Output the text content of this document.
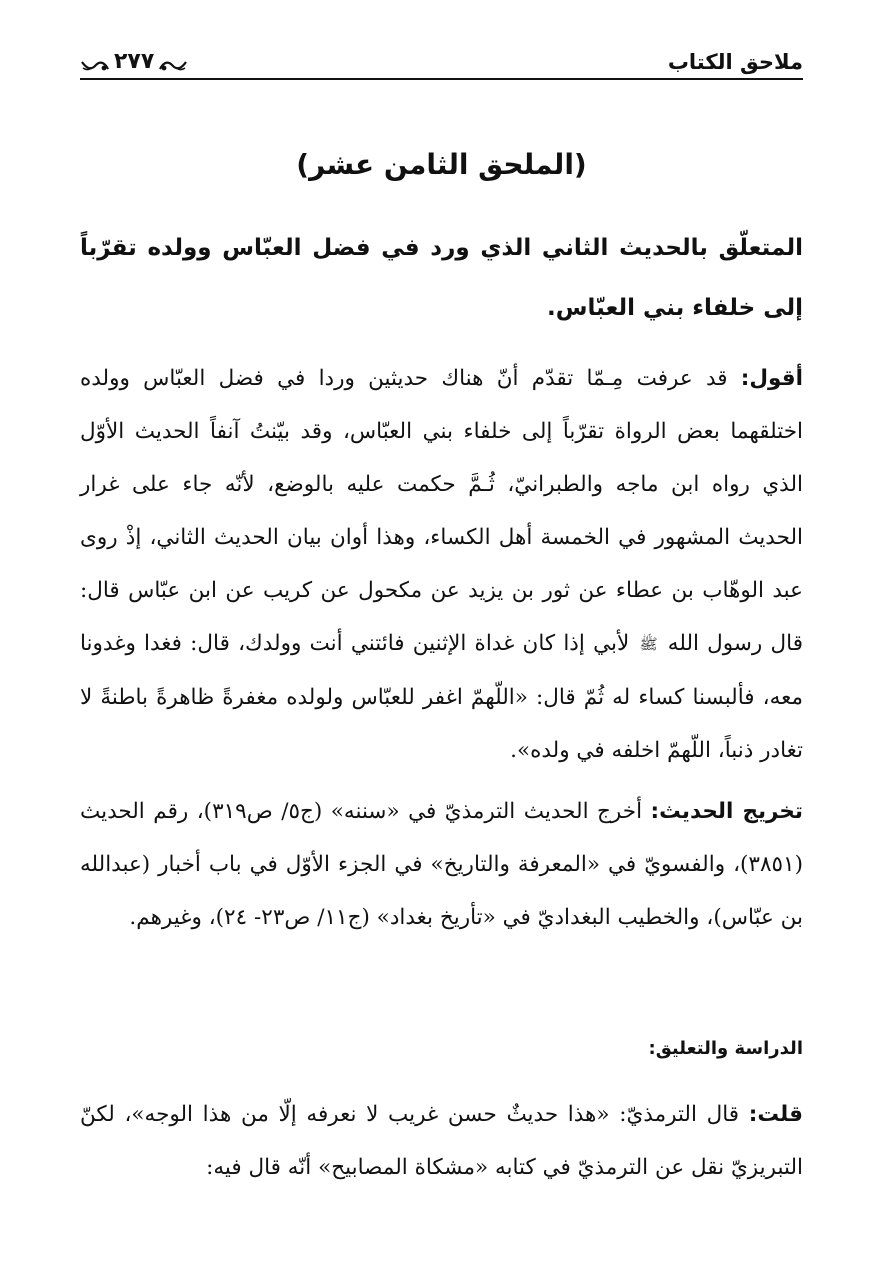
ملاحق الكتاب
٢٧٧
(الملحق الثامن عشر)
المتعلّق بالحديث الثاني الذي ورد في فضل العبّاس وولده تقرّباً إلى خلفاء بني العبّاس.
أقول: قد عرفت مِـمّا تقدّم أنّ هناك حديثين وردا في فضل العبّاس وولده اختلقهما بعض الرواة تقرّباً إلى خلفاء بني العبّاس، وقد بيّنتُ آنفاً الحديث الأوّل الذي رواه ابن ماجه والطبرانيّ، ثُـمَّ حكمت عليه بالوضع، لأنّه جاء على غرار الحديث المشهور في الخمسة أهل الكساء، وهذا أوان بيان الحديث الثاني، إذْ روى عبد الوهّاب بن عطاء عن ثور بن يزيد عن مكحول عن كريب عن ابن عبّاس قال: قال رسول الله ﷺ لأبي إذا كان غداة الإثنين فائتني أنت وولدك، قال: فغدا وغدونا معه، فألبسنا كساء له ثُمّ قال: «اللّهمّ اغفر للعبّاس ولولده مغفرةً ظاهرةً باطنةً لا تغادر ذنباً، اللّهمّ اخلفه في ولده».
تخريج الحديث: أخرج الحديث الترمذيّ في «سننه» (ج٥/ ص٣١٩)، رقم الحديث (٣٨٥١)، والفسويّ في «المعرفة والتاريخ» في الجزء الأوّل في باب أخبار (عبدالله بن عبّاس)، والخطيب البغداديّ في «تأريخ بغداد» (ج١١/ ص٢٣- ٢٤)، وغيرهم.
الدراسة والتعليق:
قلت: قال الترمذيّ: «هذا حديثٌ حسن غريب لا نعرفه إلّا من هذا الوجه»، لكنّ التبريزيّ نقل عن الترمذيّ في كتابه «مشكاة المصابيح» أنّه قال فيه:
